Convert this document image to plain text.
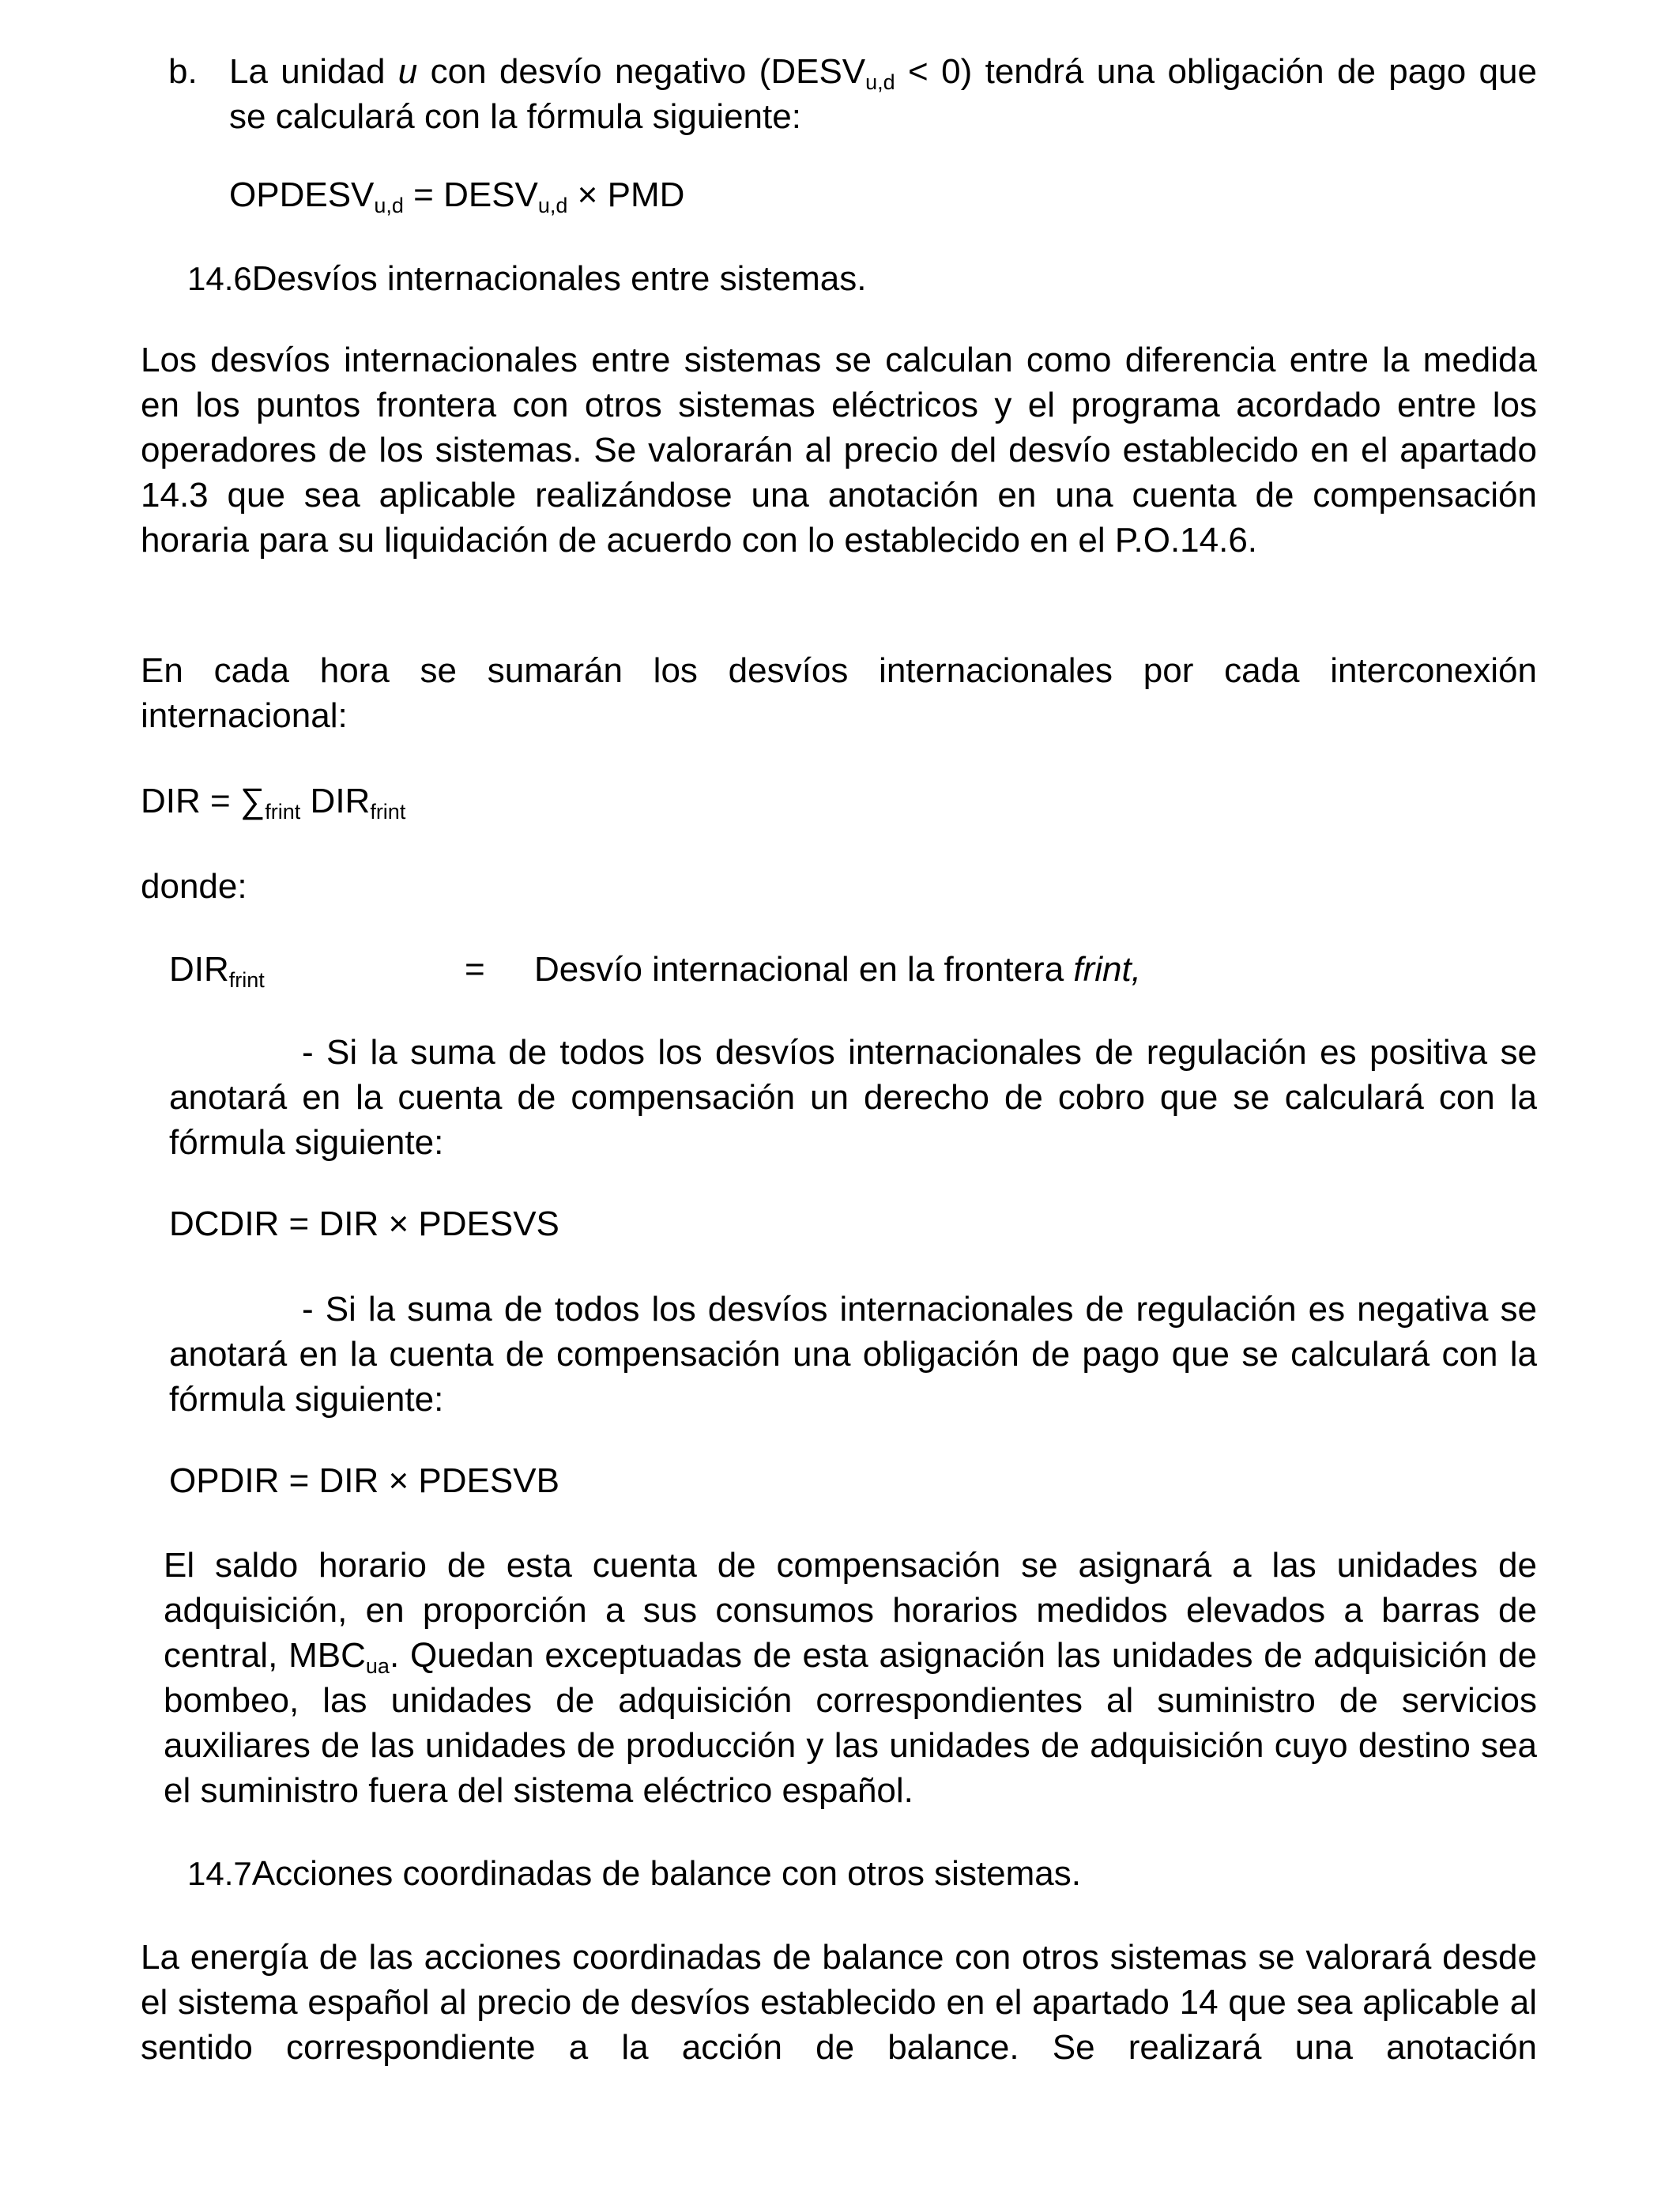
b. La unidad u con desvío negativo $(DESV_{u,d} < 0)$ tendrá una obligación de pago que se calculará con la fórmula siguiente:

$OPDESV_{u,d}$ = $DESV_{u,d}$ × PMD

14.6Desvíos internacionales entre sistemas.

Los desvíos internacionales entre sistemas se calculan como diferencia entre la medida en los puntos frontera con otros sistemas eléctricos y el programa acordado entre los operadores de los sistemas. Se valorarán al precio del desvío establecido en el apartado 14.3 que sea aplicable realizándose una anotación en una cuenta de compensación horaria para su liquidación de acuerdo con lo establecido en el P.O.14.6.

En cada hora se sumarán los desvíos internacionales por cada interconexión internacional:

DIR = $\sum_{frint}$ $DIR_{frint}$

donde:

$DIR_{frint}$	= Desvío internacional en la frontera frint,

- Si la suma de todos los desvíos internacionales de regulación es positiva se anotará en la cuenta de compensación un derecho de cobro que se calculará con la fórmula siguiente:

DCDIR = DIR × PDESVS

- Si la suma de todos los desvíos internacionales de regulación es negativa se anotará en la cuenta de compensación una obligación de pago que se calculará con la fórmula siguiente:

OPDIR = DIR × PDESVB

El saldo horario de esta cuenta de compensación se asignará a las unidades de adquisición, en proporción a sus consumos horarios medidos elevados a barras de central, $MBC_{ua}$. Quedan exceptuadas de esta asignación las unidades de adquisición de bombeo, las unidades de adquisición correspondientes al suministro de servicios auxiliares de las unidades de producción y las unidades de adquisición cuyo destino sea el suministro fuera del sistema eléctrico español.

14.7Acciones coordinadas de balance con otros sistemas.

La energía de las acciones coordinadas de balance con otros sistemas se valorará desde el sistema español al precio de desvíos establecido en el apartado 14 que sea aplicable al sentido correspondiente a la acción de balance. Se realizará una anotación
